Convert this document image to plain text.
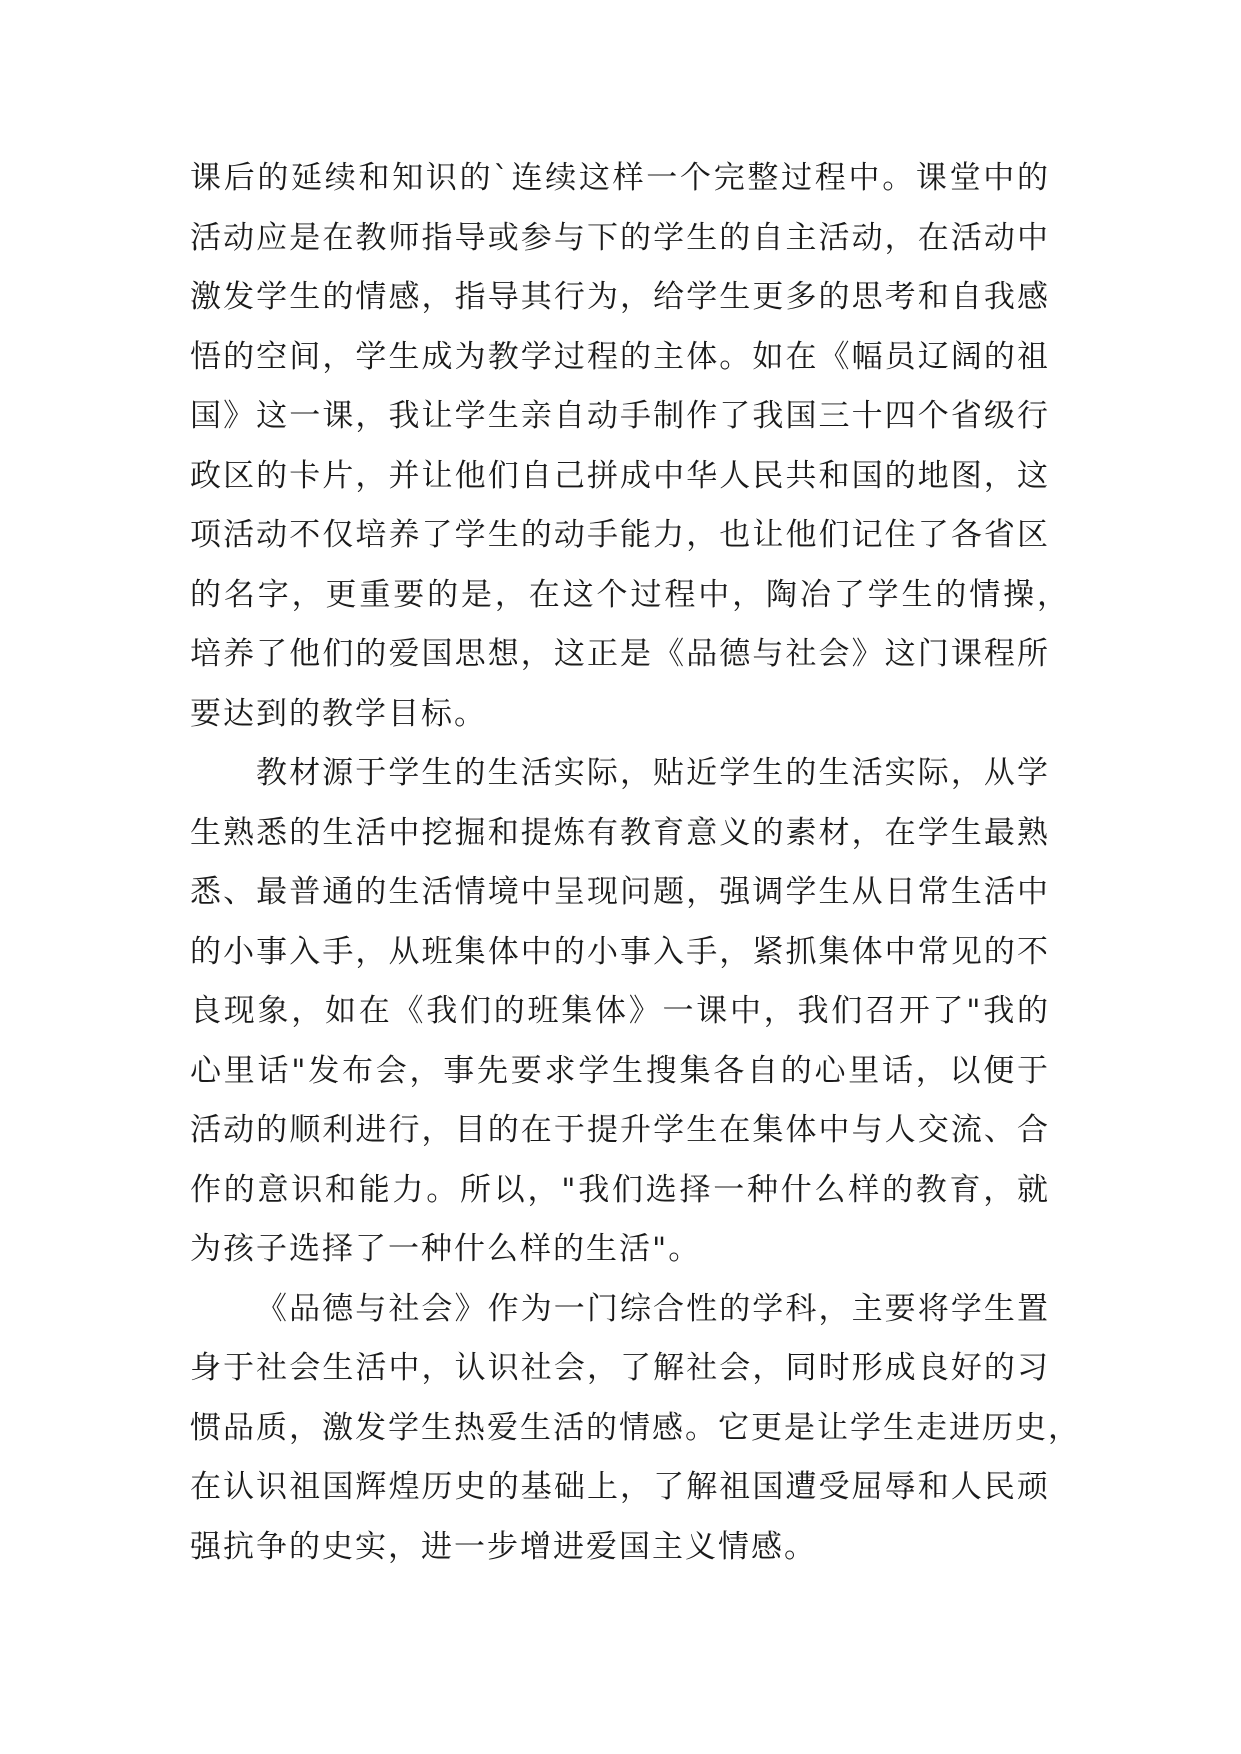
课后的延续和知识的`连续这样一个完整过程中。课堂中的
活动应是在教师指导或参与下的学生的自主活动，在活动中
激发学生的情感，指导其行为，给学生更多的思考和自我感
悟的空间，学生成为教学过程的主体。如在《幅员辽阔的祖
国》这一课，我让学生亲自动手制作了我国三十四个省级行
政区的卡片，并让他们自己拼成中华人民共和国的地图，这
项活动不仅培养了学生的动手能力，也让他们记住了各省区
的名字，更重要的是，在这个过程中，陶冶了学生的情操，
培养了他们的爱国思想，这正是《品德与社会》这门课程所
要达到的教学目标。
教材源于学生的生活实际，贴近学生的生活实际，从学
生熟悉的生活中挖掘和提炼有教育意义的素材，在学生最熟
悉、最普通的生活情境中呈现问题，强调学生从日常生活中
的小事入手，从班集体中的小事入手，紧抓集体中常见的不
良现象，如在《我们的班集体》一课中，我们召开了"我的
心里话"发布会，事先要求学生搜集各自的心里话，以便于
活动的顺利进行，目的在于提升学生在集体中与人交流、合
作的意识和能力。所以，"我们选择一种什么样的教育，就
为孩子选择了一种什么样的生活"。
《品德与社会》作为一门综合性的学科，主要将学生置
身于社会生活中，认识社会，了解社会，同时形成良好的习
惯品质，激发学生热爱生活的情感。它更是让学生走进历史，
在认识祖国辉煌历史的基础上，了解祖国遭受屈辱和人民顽
强抗争的史实，进一步增进爱国主义情感。
